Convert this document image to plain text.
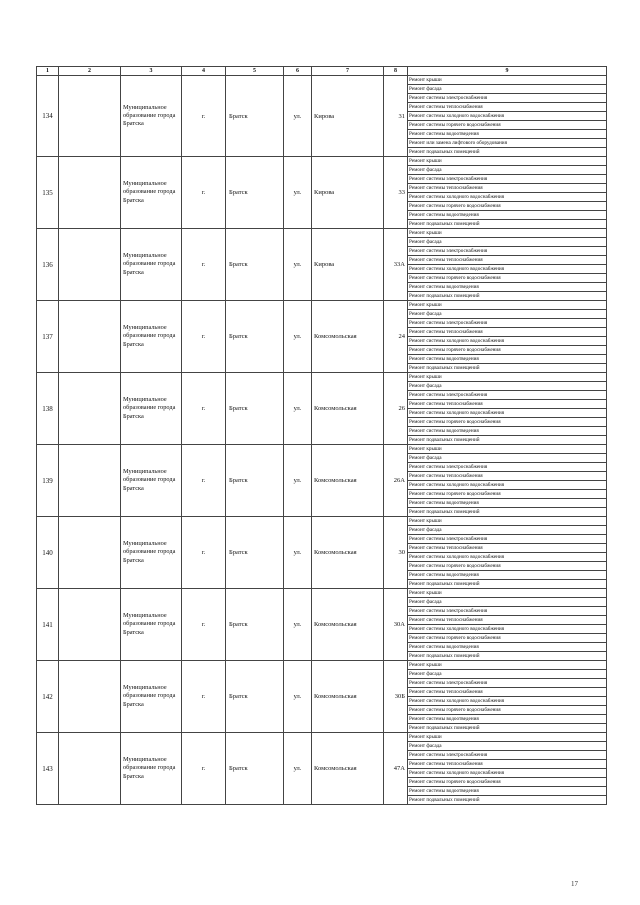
1	2	3	4	5	6	7	8	9
134		Муниципальное образование города Братска	г.	Братск	ул.	Кирова	31	Ремонт крыши
								Ремонт фасада
								Ремонт системы электроснабжения
								Ремонт системы теплоснабжения
								Ремонт системы холодного водоснабжения
								Ремонт системы горячего водоснабжения
								Ремонт системы водоотведения
								Ремонт или замена лифтового оборудования
								Ремонт подвальных помещений
135		Муниципальное образование города Братска	г.	Братск	ул.	Кирова	33	Ремонт крыши
								Ремонт фасада
								Ремонт системы электроснабжения
								Ремонт системы теплоснабжения
								Ремонт системы холодного водоснабжения
								Ремонт системы горячего водоснабжения
								Ремонт системы водоотведения
								Ремонт подвальных помещений
136		Муниципальное образование города Братска	г.	Братск	ул.	Кирова	33А	Ремонт крыши
								Ремонт фасада
								Ремонт системы электроснабжения
								Ремонт системы теплоснабжения
								Ремонт системы холодного водоснабжения
								Ремонт системы горячего водоснабжения
								Ремонт системы водоотведения
								Ремонт подвальных помещений
137		Муниципальное образование города Братска	г.	Братск	ул.	Комсомольская	24	Ремонт крыши
								Ремонт фасада
								Ремонт системы электроснабжения
								Ремонт системы теплоснабжения
								Ремонт системы холодного водоснабжения
								Ремонт системы горячего водоснабжения
								Ремонт системы водоотведения
								Ремонт подвальных помещений
138		Муниципальное образование города Братска	г.	Братск	ул.	Комсомольская	26	Ремонт крыши
								Ремонт фасада
								Ремонт системы электроснабжения
								Ремонт системы теплоснабжения
								Ремонт системы холодного водоснабжения
								Ремонт системы горячего водоснабжения
								Ремонт системы водоотведения
								Ремонт подвальных помещений
139		Муниципальное образование города Братска	г.	Братск	ул.	Комсомольская	26А	Ремонт крыши
								Ремонт фасада
								Ремонт системы электроснабжения
								Ремонт системы теплоснабжения
								Ремонт системы холодного водоснабжения
								Ремонт системы горячего водоснабжения
								Ремонт системы водоотведения
								Ремонт подвальных помещений
140		Муниципальное образование города Братска	г.	Братск	ул.	Комсомольская	30	Ремонт крыши
								Ремонт фасада
								Ремонт системы электроснабжения
								Ремонт системы теплоснабжения
								Ремонт системы холодного водоснабжения
								Ремонт системы горячего водоснабжения
								Ремонт системы водоотведения
								Ремонт подвальных помещений
141		Муниципальное образование города Братска	г.	Братск	ул.	Комсомольская	30А	Ремонт крыши
								Ремонт фасада
								Ремонт системы электроснабжения
								Ремонт системы теплоснабжения
								Ремонт системы холодного водоснабжения
								Ремонт системы горячего водоснабжения
								Ремонт системы водоотведения
								Ремонт подвальных помещений
142		Муниципальное образование города Братска	г.	Братск	ул.	Комсомольская	30Б	Ремонт крыши
								Ремонт фасада
								Ремонт системы электроснабжения
								Ремонт системы теплоснабжения
								Ремонт системы холодного водоснабжения
								Ремонт системы горячего водоснабжения
								Ремонт системы водоотведения
								Ремонт подвальных помещений
143		Муниципальное образование города Братска	г.	Братск	ул.	Комсомольская	47А	Ремонт крыши
								Ремонт фасада
								Ремонт системы электроснабжения
								Ремонт системы теплоснабжения
								Ремонт системы холодного водоснабжения
								Ремонт системы горячего водоснабжения
								Ремонт системы водоотведения
								Ремонт подвальных помещений
17
